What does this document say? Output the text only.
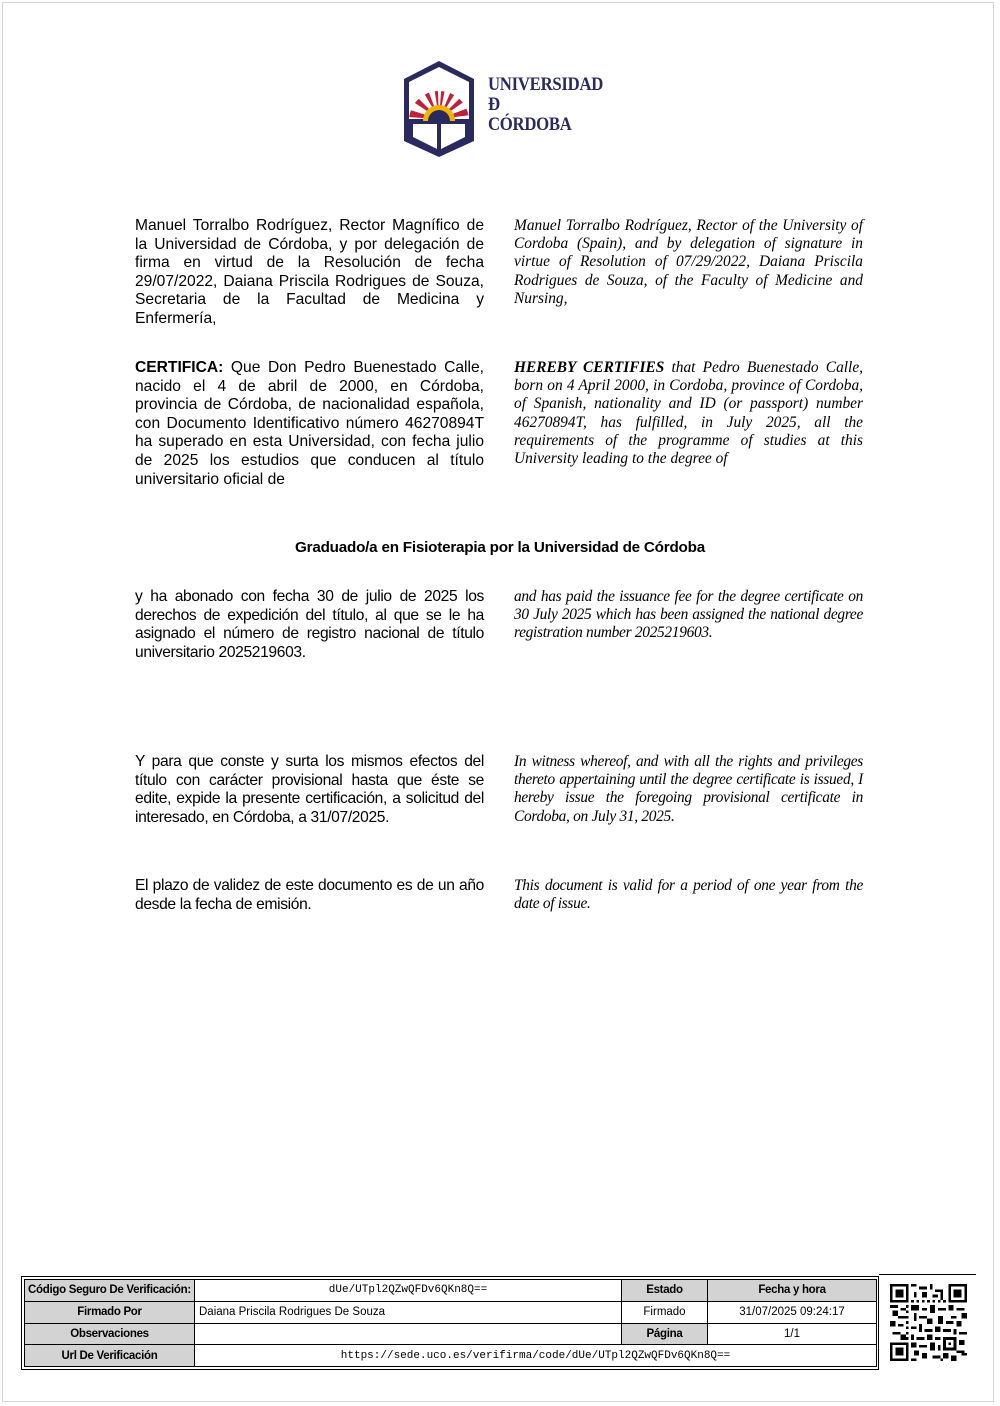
UNIVERSIDAD
Ð
CÓRDOBA
Manuel Torralbo Rodríguez, Rector Magnífico de la Universidad de Córdoba, y por delegación de firma en virtud de la Resolución de fecha 29/07/2022, Daiana Priscila Rodrigues de Souza, Secretaria de la Facultad de Medicina y Enfermería,
Manuel Torralbo Rodríguez, Rector of the University of Cordoba (Spain), and by delegation of signature in virtue of Resolution of 07/29/2022, Daiana Priscila Rodrigues de Souza, of the Faculty of Medicine and Nursing,
CERTIFICA: Que Don Pedro Buenestado Calle, nacido el 4 de abril de 2000, en Córdoba, provincia de Córdoba, de nacionalidad española, con Documento Identificativo número 46270894T ha superado en esta Universidad, con fecha julio de 2025 los estudios que conducen al título universitario oficial de
HEREBY CERTIFIES that Pedro Buenestado Calle, born on 4 April 2000, in Cordoba, province of Cordoba, of Spanish, nationality and ID (or passport) number 46270894T, has fulfilled, in July 2025, all the requirements of the programme of studies at this University leading to the degree of
Graduado/a en Fisioterapia por la Universidad de Córdoba
y ha abonado con fecha 30 de julio de 2025 los derechos de expedición del título, al que se le ha asignado el número de registro nacional de título universitario 2025219603.
and has paid the issuance fee for the degree certificate on 30 July 2025 which has been assigned the national degree registration number 2025219603.
Y para que conste y surta los mismos efectos del título con carácter provisional hasta que éste se edite, expide la presente certificación, a solicitud del interesado, en Córdoba, a 31/07/2025.
In witness whereof, and with all the rights and privileges thereto appertaining until the degree certificate is issued, I hereby issue the foregoing provisional certificate in Cordoba, on July 31, 2025.
El plazo de validez de este documento es de un año desde la fecha de emisión.
This document is valid for a period of one year from the date of issue.
Código Seguro De Verificación:	dUe/UTpl2QZwQFDv6QKn8Q==	Estado	Fecha y hora
Firmado Por	Daiana Priscila Rodrigues De Souza	Firmado	31/07/2025 09:24:17
Observaciones		Página	1/1
Url De Verificación	https://sede.uco.es/verifirma/code/dUe/UTpl2QZwQFDv6QKn8Q==		
